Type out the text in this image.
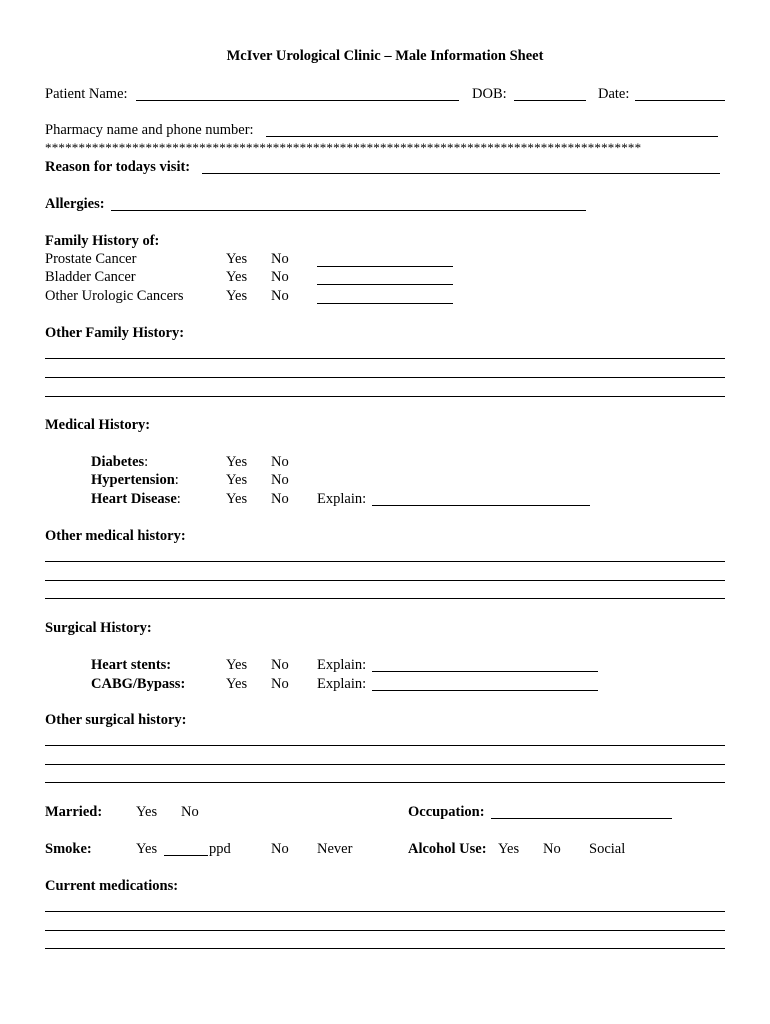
McIver Urological Clinic – Male Information Sheet
Patient Name:	DOB:	Date:
Pharmacy name and phone number:
*****************************************************************************************
Reason for todays visit:
Allergies:
Family History of:
Prostate Cancer	Yes No
Bladder Cancer	Yes No
Other Urologic Cancers	Yes No
Other Family History:
Medical History:
Diabetes:	Yes No
Hypertension:	Yes No
Heart Disease:	Yes No Explain:
Other medical history:
Surgical History:
Heart stents:	Yes No Explain:
CABG/Bypass:	Yes No Explain:
Other surgical history:
Married: Yes No	Occupation:
Smoke:	Yes	ppd	No Never	Alcohol Use: Yes No Social
Current medications:
